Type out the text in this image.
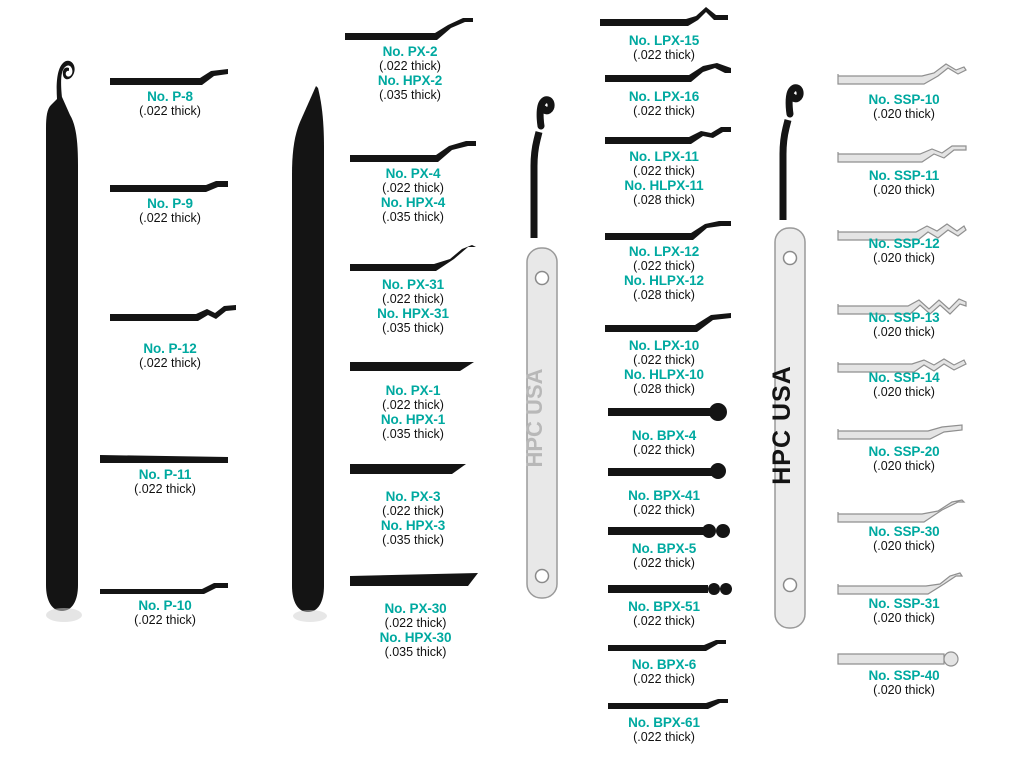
No. P-8
(.022 thick)
No. P-9
(.022 thick)
No. P-12
(.022 thick)
No. P-11
(.022 thick)
No. P-10
(.022 thick)
No. PX-2
(.022 thick)
No. HPX-2
(.035 thick)
No. PX-4
(.022 thick)
No. HPX-4
(.035 thick)
No. PX-31
(.022 thick)
No. HPX-31
(.035 thick)
No. PX-1
(.022 thick)
No. HPX-1
(.035 thick)
No. PX-3
(.022 thick)
No. HPX-3
(.035 thick)
No. PX-30
(.022 thick)
No. HPX-30
(.035 thick)
HPC USA
No. LPX-15
(.022 thick)
No. LPX-16
(.022 thick)
No. LPX-11
(.022 thick)
No. HLPX-11
(.028 thick)
No. LPX-12
(.022 thick)
No. HLPX-12
(.028 thick)
No. LPX-10
(.022 thick)
No. HLPX-10
(.028 thick)
No. BPX-4
(.022 thick)
No. BPX-41
(.022 thick)
No. BPX-5
(.022 thick)
No. BPX-51
(.022 thick)
No. BPX-6
(.022 thick)
No. BPX-61
(.022 thick)
HPC USA
No. SSP-10
(.020 thick)
No. SSP-11
(.020 thick)
No. SSP-12
(.020 thick)
No. SSP-13
(.020 thick)
No. SSP-14
(.020 thick)
No. SSP-20
(.020 thick)
No. SSP-30
(.020 thick)
No. SSP-31
(.020 thick)
No. SSP-40
(.020 thick)
